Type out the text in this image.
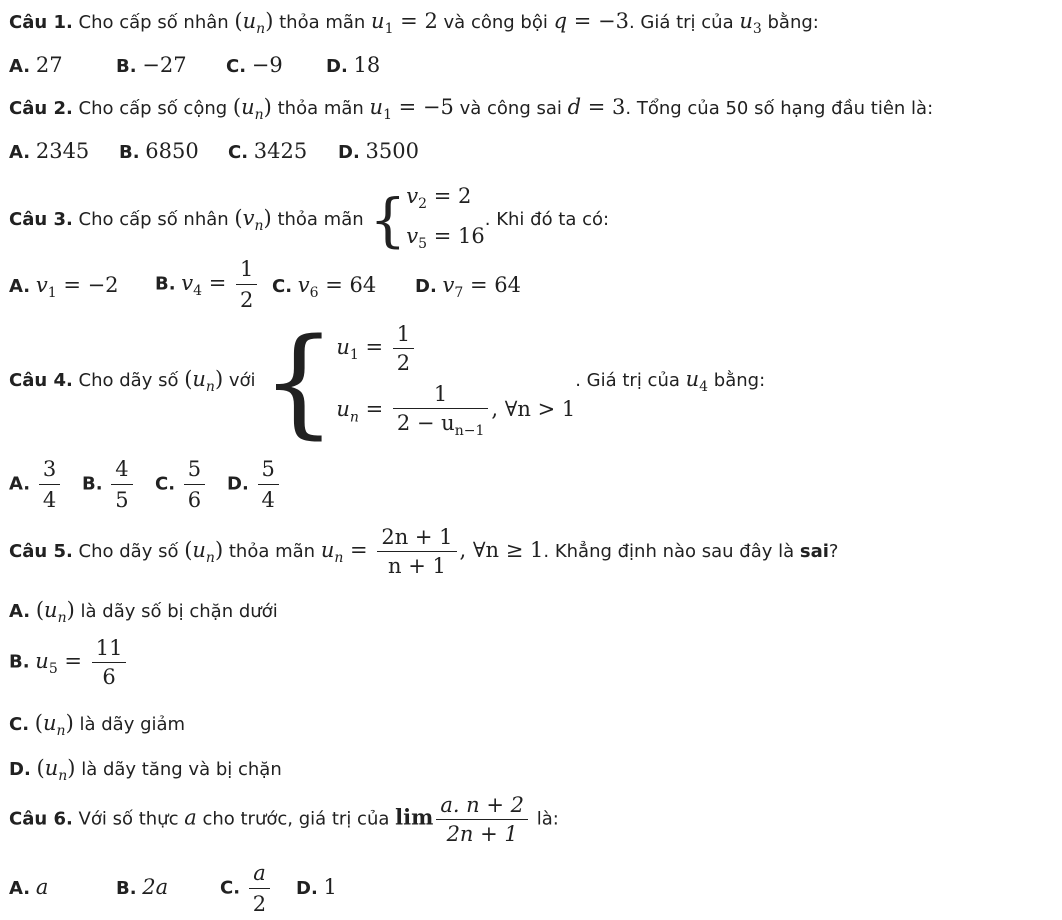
Câu 1. Cho cấp số nhân $(u_n)$ thỏa mãn $u_1 = 2$ và công bội q = −3. Giá trị của $u_3$ bằng:
A. 27	B. −27 C. −9 D. 18
Câu 2. Cho cấp số cộng $(u_n)$ thỏa mãn $u_1 = -5$ và công sai d = 3. Tổng của 50 số hạng đầu tiên là:
A. 2345 B. 6850 C. 3425 D. 3500
Câu 3. Cho cấp số nhân $(v_n)$ thỏa mãn { $v_2 = 2$
$v_5 = 16$
. Khi đó ta có:
A. $v_1 = -2$ B. $v_4 = \frac{1}{2} C$. $v_6 = 64$ D. $v_7 = 64$
Câu 4. Cho dãy số $(u_n)$ với { $u_1 = \frac{1}{2}$
$u_n = \frac{1}{2 - u_{n-1}}$ , ∀n > 1
. Giá trị của $u_4$ bằng:
A. $\frac{3}{4} B$. $\frac{4}{5} C$. $\frac{5}{6} D$. $\frac{5}{4}$
Câu 5. Cho dãy số $(u_n)$ thỏa mãn $u_n = \frac{2n + 1}{n + 1}$ , ∀n ≥ 1. Khẳng định nào sau đây là sai?
A. $(u_n)$ là dãy số bị chặn dưới
B. $u_5 = \frac{11}{6}$
C. $(u_n)$ là dãy giảm
D. $(u_n)$ là dãy tăng và bị chặn
Câu 6. Với số thực a cho trước, giá trị của $\lim \frac{a. n + 2}{2n + 1}$ là:
A. a	B. 2a	C. $\frac{a}{2} D$. 1
